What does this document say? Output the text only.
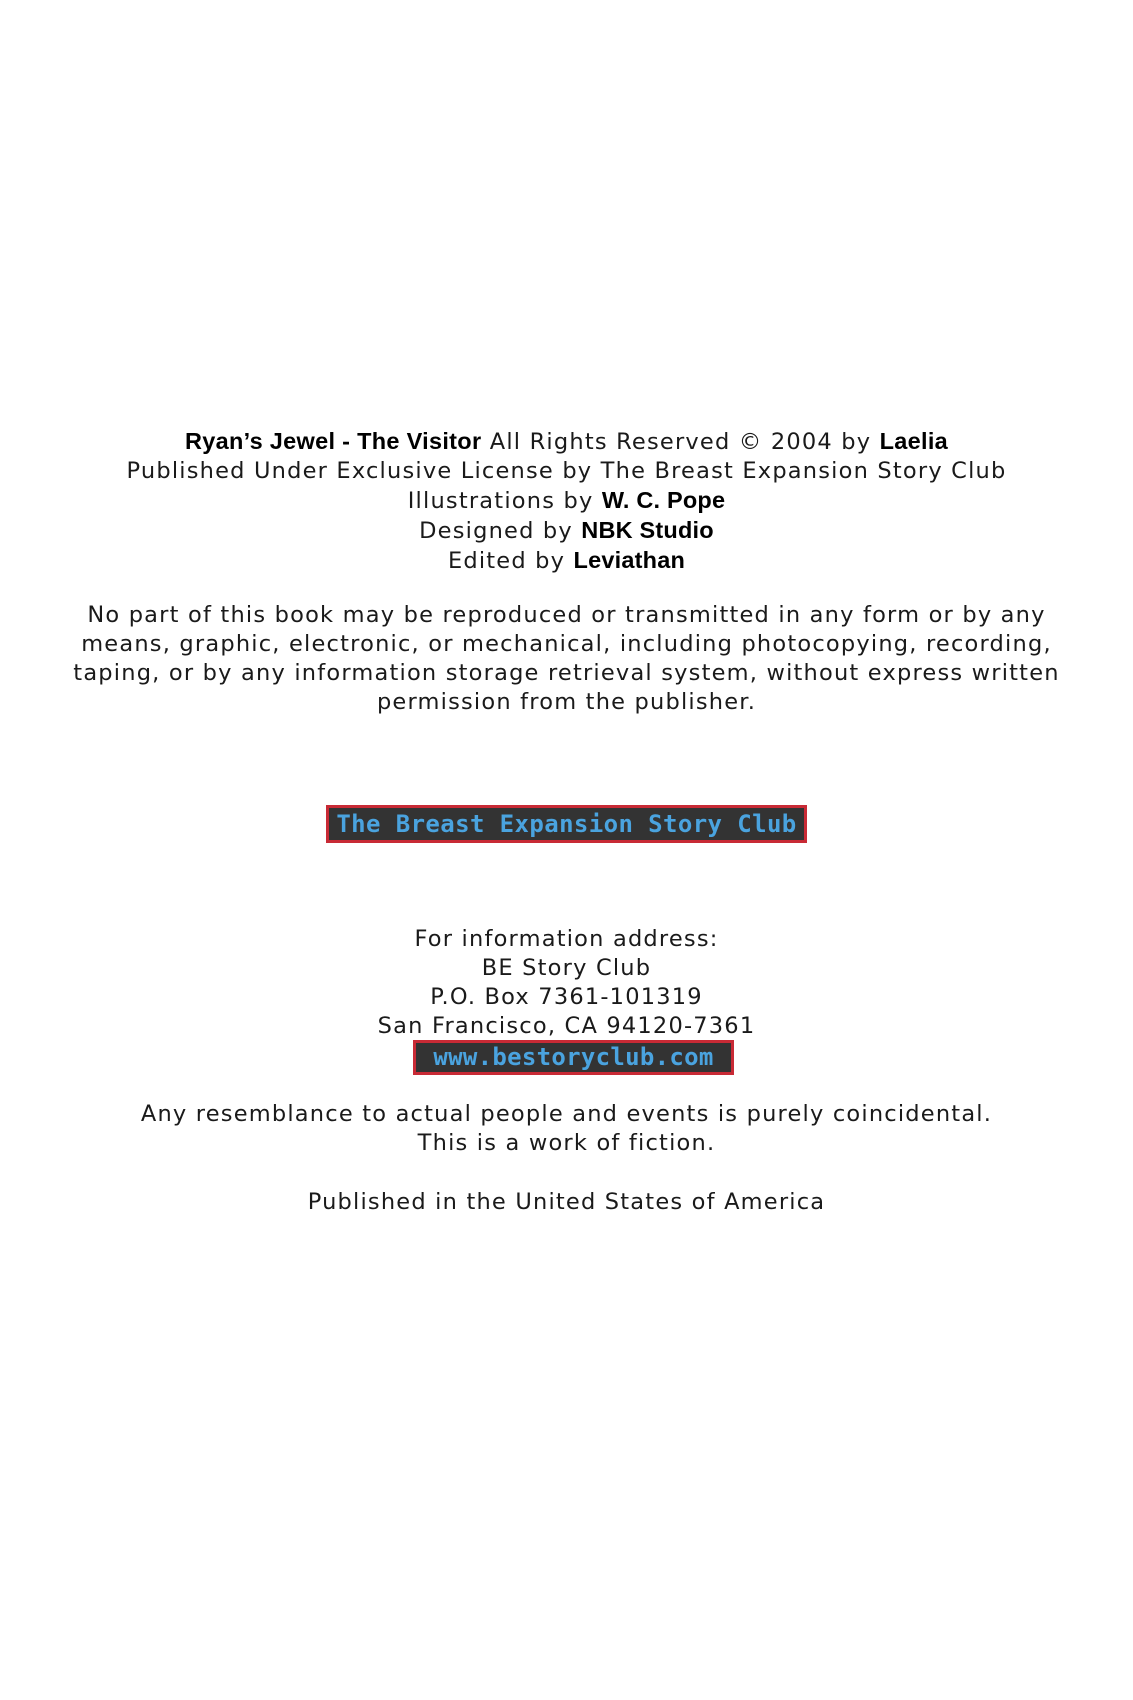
Ryan’s Jewel - The Visitor All Rights Reserved © 2004 by Laelia
Published Under Exclusive License by The Breast Expansion Story Club
Illustrations by W. C. Pope
Designed by NBK Studio
Edited by Leviathan
No part of this book may be reproduced or transmitted in any form or by any
means, graphic, electronic, or mechanical, including photocopying, recording,
taping, or by any information storage retrieval system, without express written
permission from the publisher.
The Breast Expansion Story Club
For information address:
BE Story Club
P.O. Box 7361-101319
San Francisco, CA 94120-7361
www.bestoryclub.com
Any resemblance to actual people and events is purely coincidental.
This is a work of fiction.
Published in the United States of America
